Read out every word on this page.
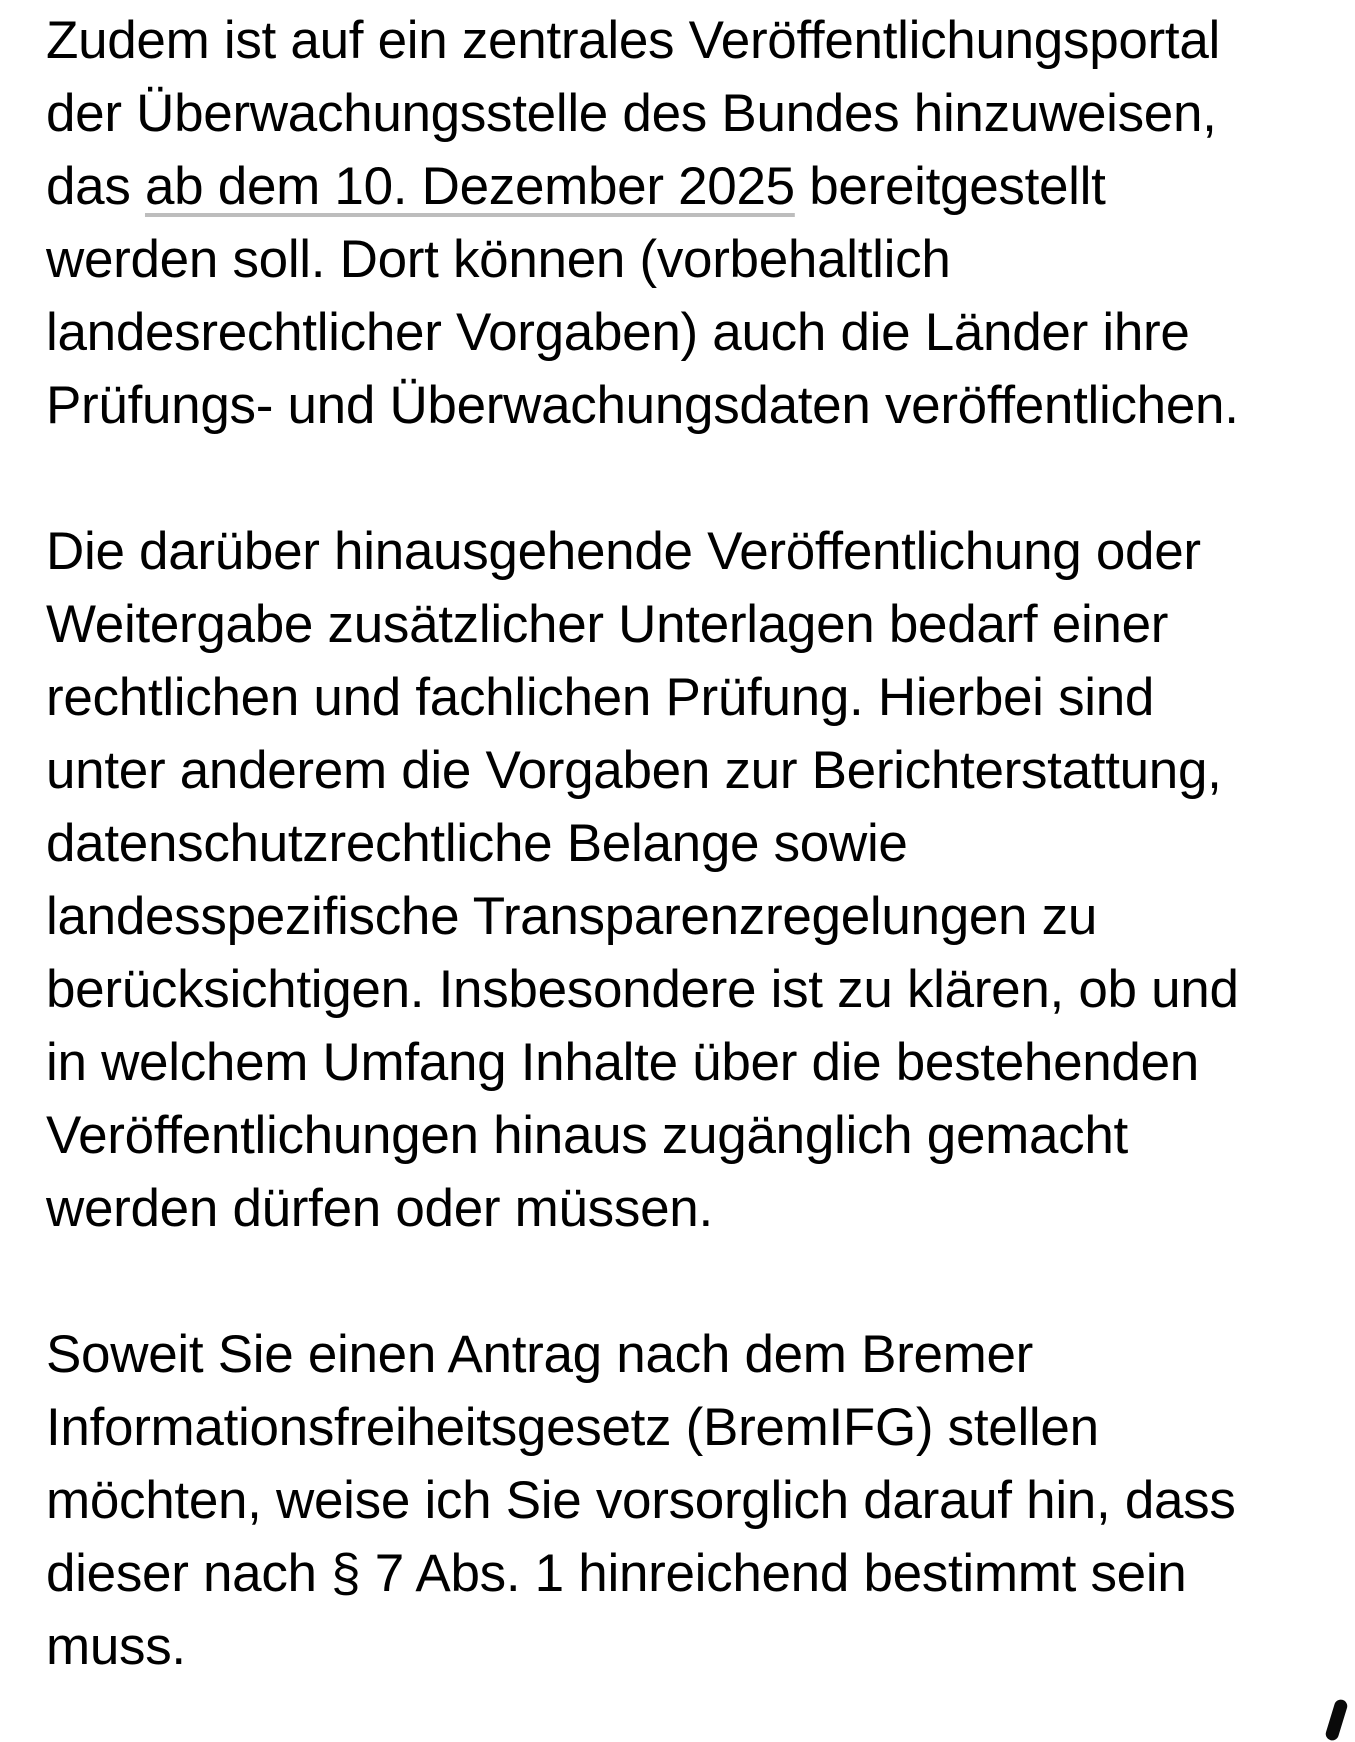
Zudem ist auf ein zentrales Veröffentlichungsportal
der Überwachungsstelle des Bundes hinzuweisen,
das ab dem 10. Dezember 2025 bereitgestellt
werden soll. Dort können (vorbehaltlich
landesrechtlicher Vorgaben) auch die Länder ihre
Prüfungs- und Überwachungsdaten veröffentlichen.
Die darüber hinausgehende Veröffentlichung oder
Weitergabe zusätzlicher Unterlagen bedarf einer
rechtlichen und fachlichen Prüfung. Hierbei sind
unter anderem die Vorgaben zur Berichterstattung,
datenschutzrechtliche Belange sowie
landesspezifische Transparenzregelungen zu
berücksichtigen. Insbesondere ist zu klären, ob und
in welchem Umfang Inhalte über die bestehenden
Veröffentlichungen hinaus zugänglich gemacht
werden dürfen oder müssen.
Soweit Sie einen Antrag nach dem Bremer
Informationsfreiheitsgesetz (BremIFG) stellen
möchten, weise ich Sie vorsorglich darauf hin, dass
dieser nach § 7 Abs. 1 hinreichend bestimmt sein
muss.
